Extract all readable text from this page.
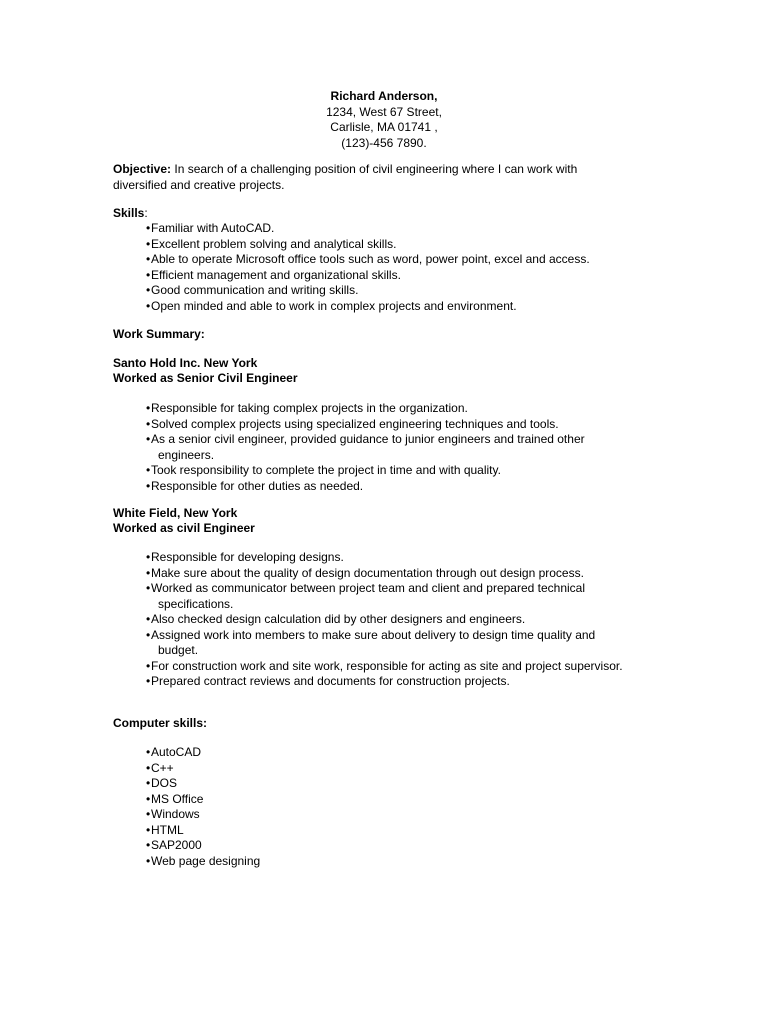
Richard Anderson,
1234, West 67 Street,
Carlisle, MA 01741 ,
(123)-456 7890.
Objective: In search of a challenging position of civil engineering where I can work with diversified and creative projects.
Skills:
•Familiar with AutoCAD.
•Excellent problem solving and analytical skills.
•Able to operate Microsoft office tools such as word, power point, excel and access.
•Efficient management and organizational skills.
•Good communication and writing skills.
•Open minded and able to work in complex projects and environment.
Work Summary:
Santo Hold Inc. New York
Worked as Senior Civil Engineer
•Responsible for taking complex projects in the organization.
•Solved complex projects using specialized engineering techniques and tools.
•As a senior civil engineer, provided guidance to junior engineers and trained other engineers.
•Took responsibility to complete the project in time and with quality.
•Responsible for other duties as needed.
White Field, New York
Worked as civil Engineer
•Responsible for developing designs.
•Make sure about the quality of design documentation through out design process.
•Worked as communicator between project team and client and prepared technical specifications.
•Also checked design calculation did by other designers and engineers.
•Assigned work into members to make sure about delivery to design time quality and budget.
•For construction work and site work, responsible for acting as site and project supervisor.
•Prepared contract reviews and documents for construction projects.
Computer skills:
•AutoCAD
•C++
•DOS
•MS Office
•Windows
•HTML
•SAP2000
•Web page designing
